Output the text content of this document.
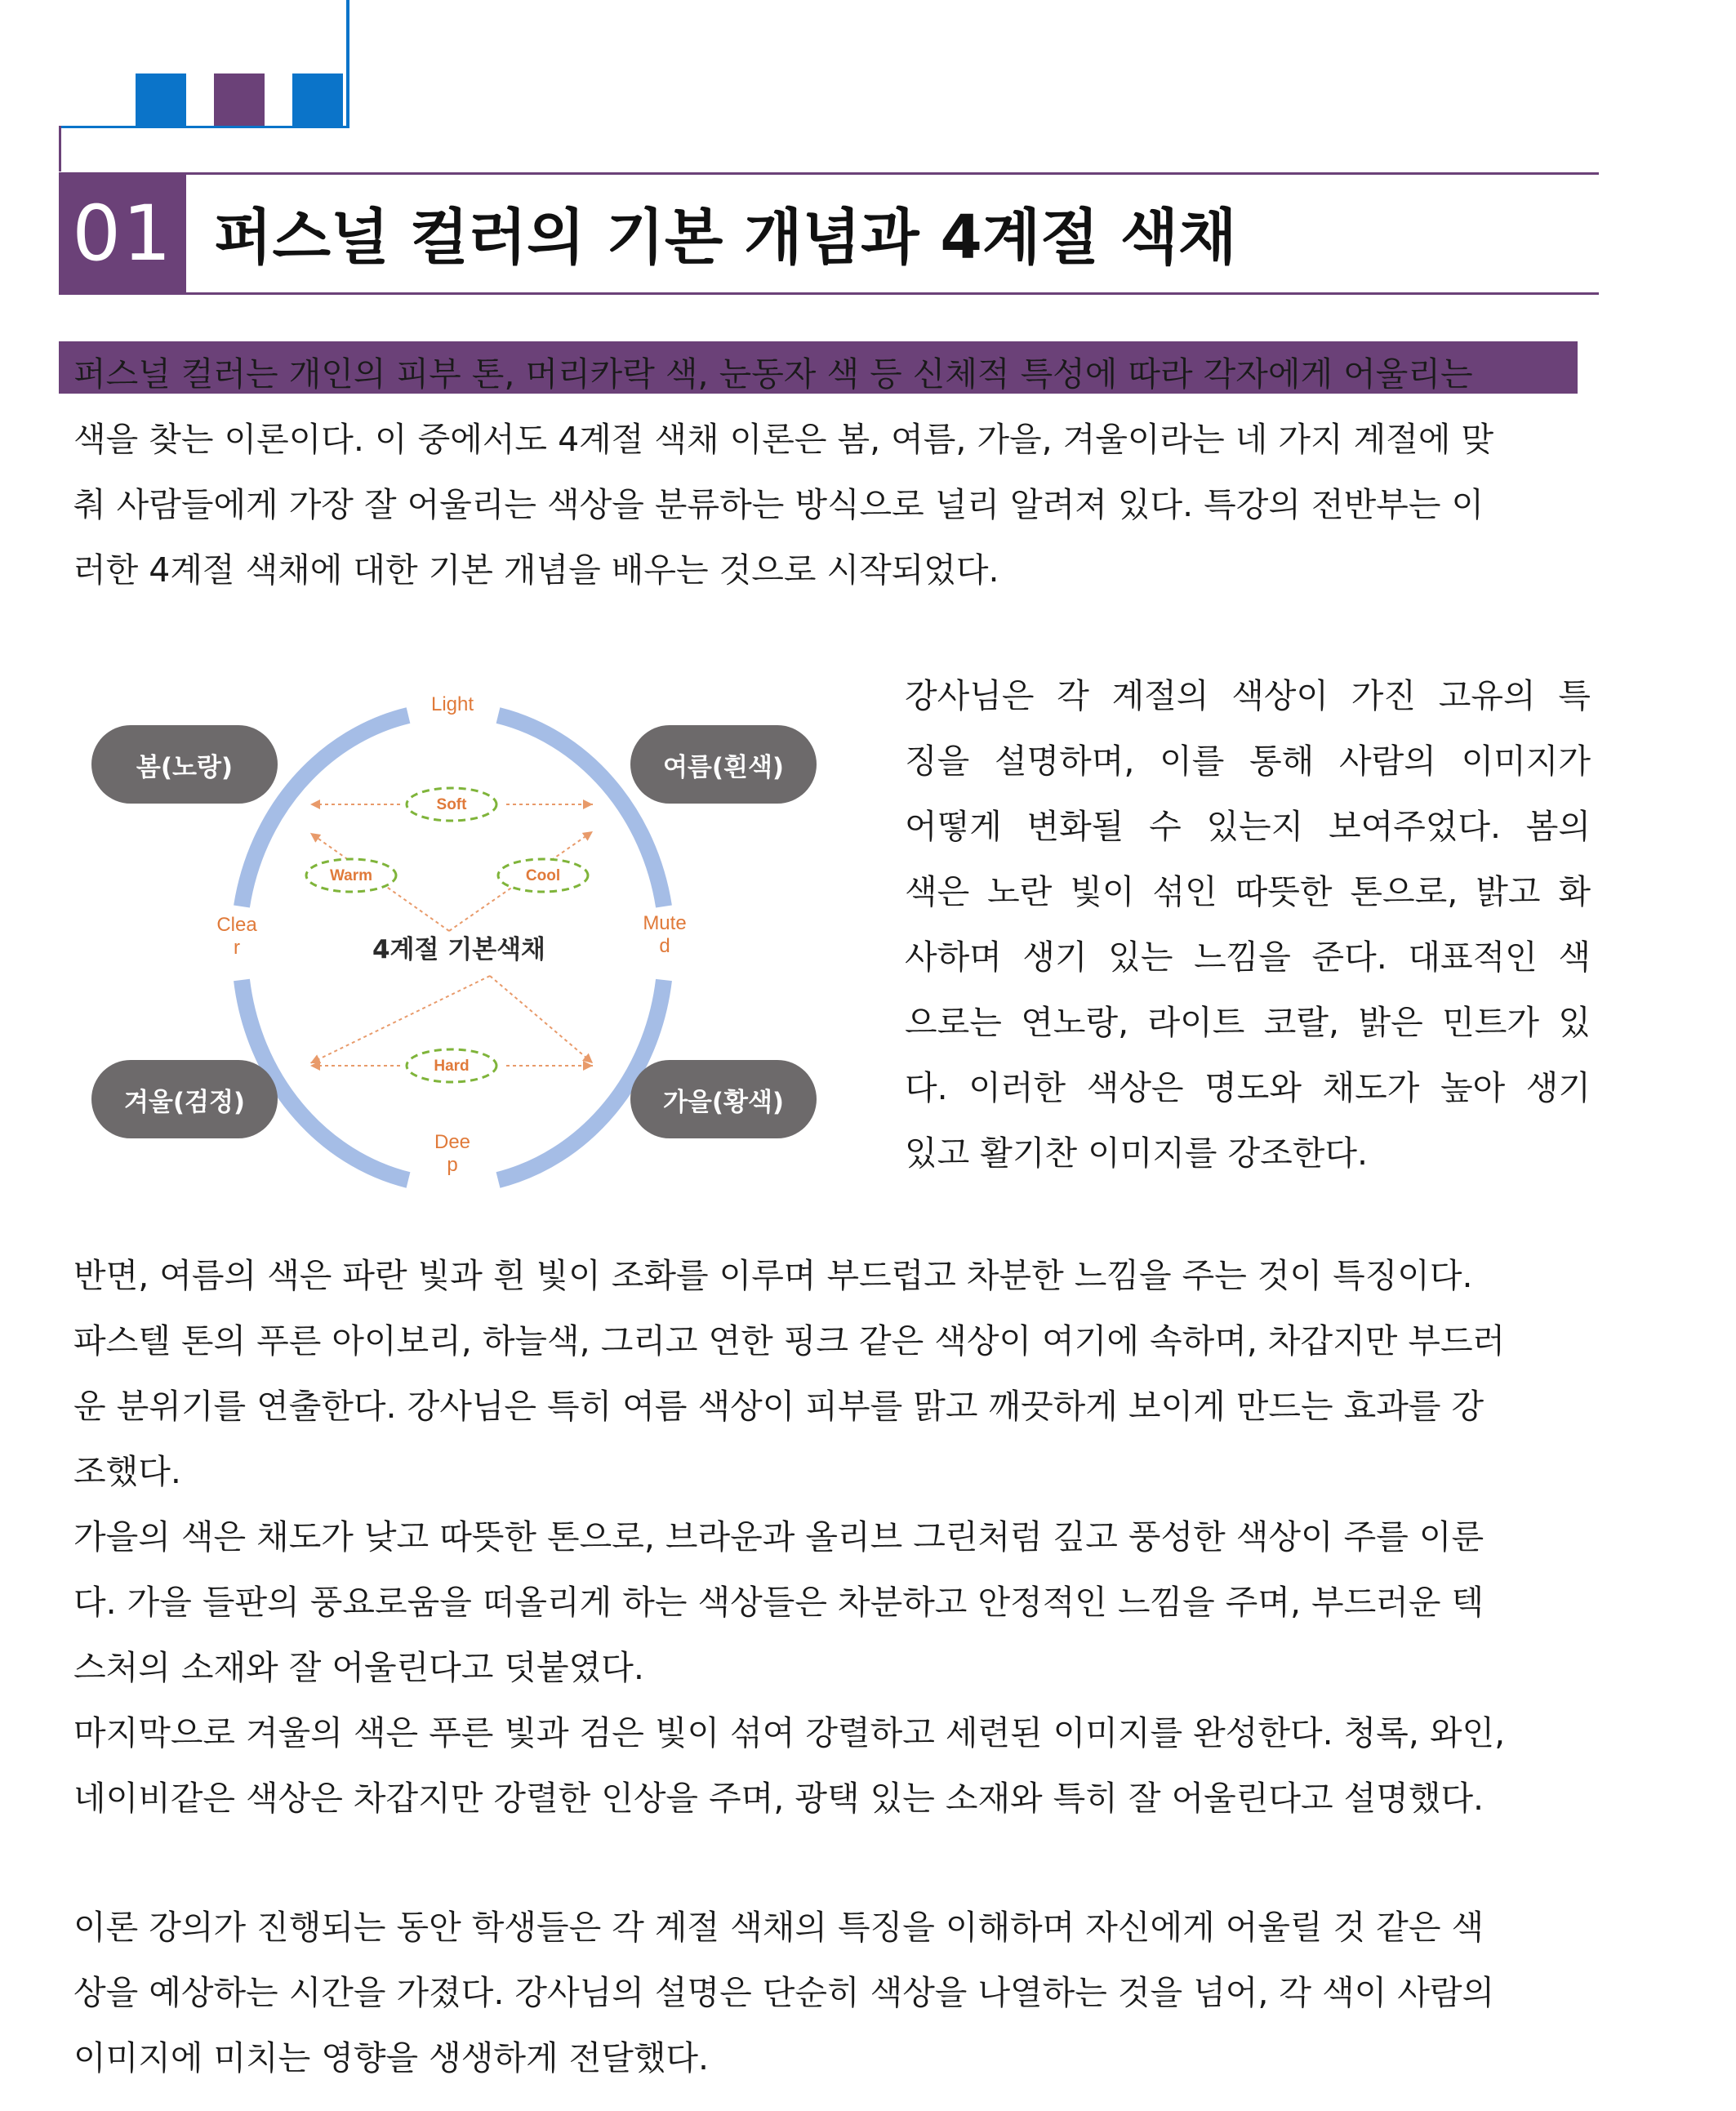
01 퍼스널 컬러의 기본 개념과 4계절 색채
퍼스널 컬러는 개인의 피부 톤, 머리카락 색, 눈동자 색 등 신체적 특성에 따라 각자에게 어울리는
색을 찾는 이론이다. 이 중에서도 4계절 색채 이론은 봄, 여름, 가을, 겨울이라는 네 가지 계절에 맞
춰 사람들에게 가장 잘 어울리는 색상을 분류하는 방식으로 널리 알려져 있다. 특강의 전반부는 이
러한 4계절 색채에 대한 기본 개념을 배우는 것으로 시작되었다.
Soft
Warm	Cool
Hard
Light
Dee
p
Clea
r
Mute
d
4계절 기본색채
봄(노랑)	여름(흰색)
겨울(검정)	가을(황색)
강사님은 각 계절의 색상이 가진 고유의 특
징을 설명하며, 이를 통해 사람의 이미지가
어떻게 변화될 수 있는지 보여주었다. 봄의
색은 노란 빛이 섞인 따뜻한 톤으로, 밝고 화
사하며 생기 있는 느낌을 준다. 대표적인 색
으로는 연노랑, 라이트 코랄, 밝은 민트가 있
다. 이러한 색상은 명도와 채도가 높아 생기
있고 활기찬 이미지를 강조한다.
반면, 여름의 색은 파란 빛과 흰 빛이 조화를 이루며 부드럽고 차분한 느낌을 주는 것이 특징이다.
파스텔 톤의 푸른 아이보리, 하늘색, 그리고 연한 핑크 같은 색상이 여기에 속하며, 차갑지만 부드러
운 분위기를 연출한다. 강사님은 특히 여름 색상이 피부를 맑고 깨끗하게 보이게 만드는 효과를 강
조했다.
가을의 색은 채도가 낮고 따뜻한 톤으로, 브라운과 올리브 그린처럼 깊고 풍성한 색상이 주를 이룬
다. 가을 들판의 풍요로움을 떠올리게 하는 색상들은 차분하고 안정적인 느낌을 주며, 부드러운 텍
스처의 소재와 잘 어울린다고 덧붙였다.
마지막으로 겨울의 색은 푸른 빛과 검은 빛이 섞여 강렬하고 세련된 이미지를 완성한다. 청록, 와인,
네이비같은 색상은 차갑지만 강렬한 인상을 주며, 광택 있는 소재와 특히 잘 어울린다고 설명했다.
이론 강의가 진행되는 동안 학생들은 각 계절 색채의 특징을 이해하며 자신에게 어울릴 것 같은 색
상을 예상하는 시간을 가졌다. 강사님의 설명은 단순히 색상을 나열하는 것을 넘어, 각 색이 사람의
이미지에 미치는 영향을 생생하게 전달했다.
